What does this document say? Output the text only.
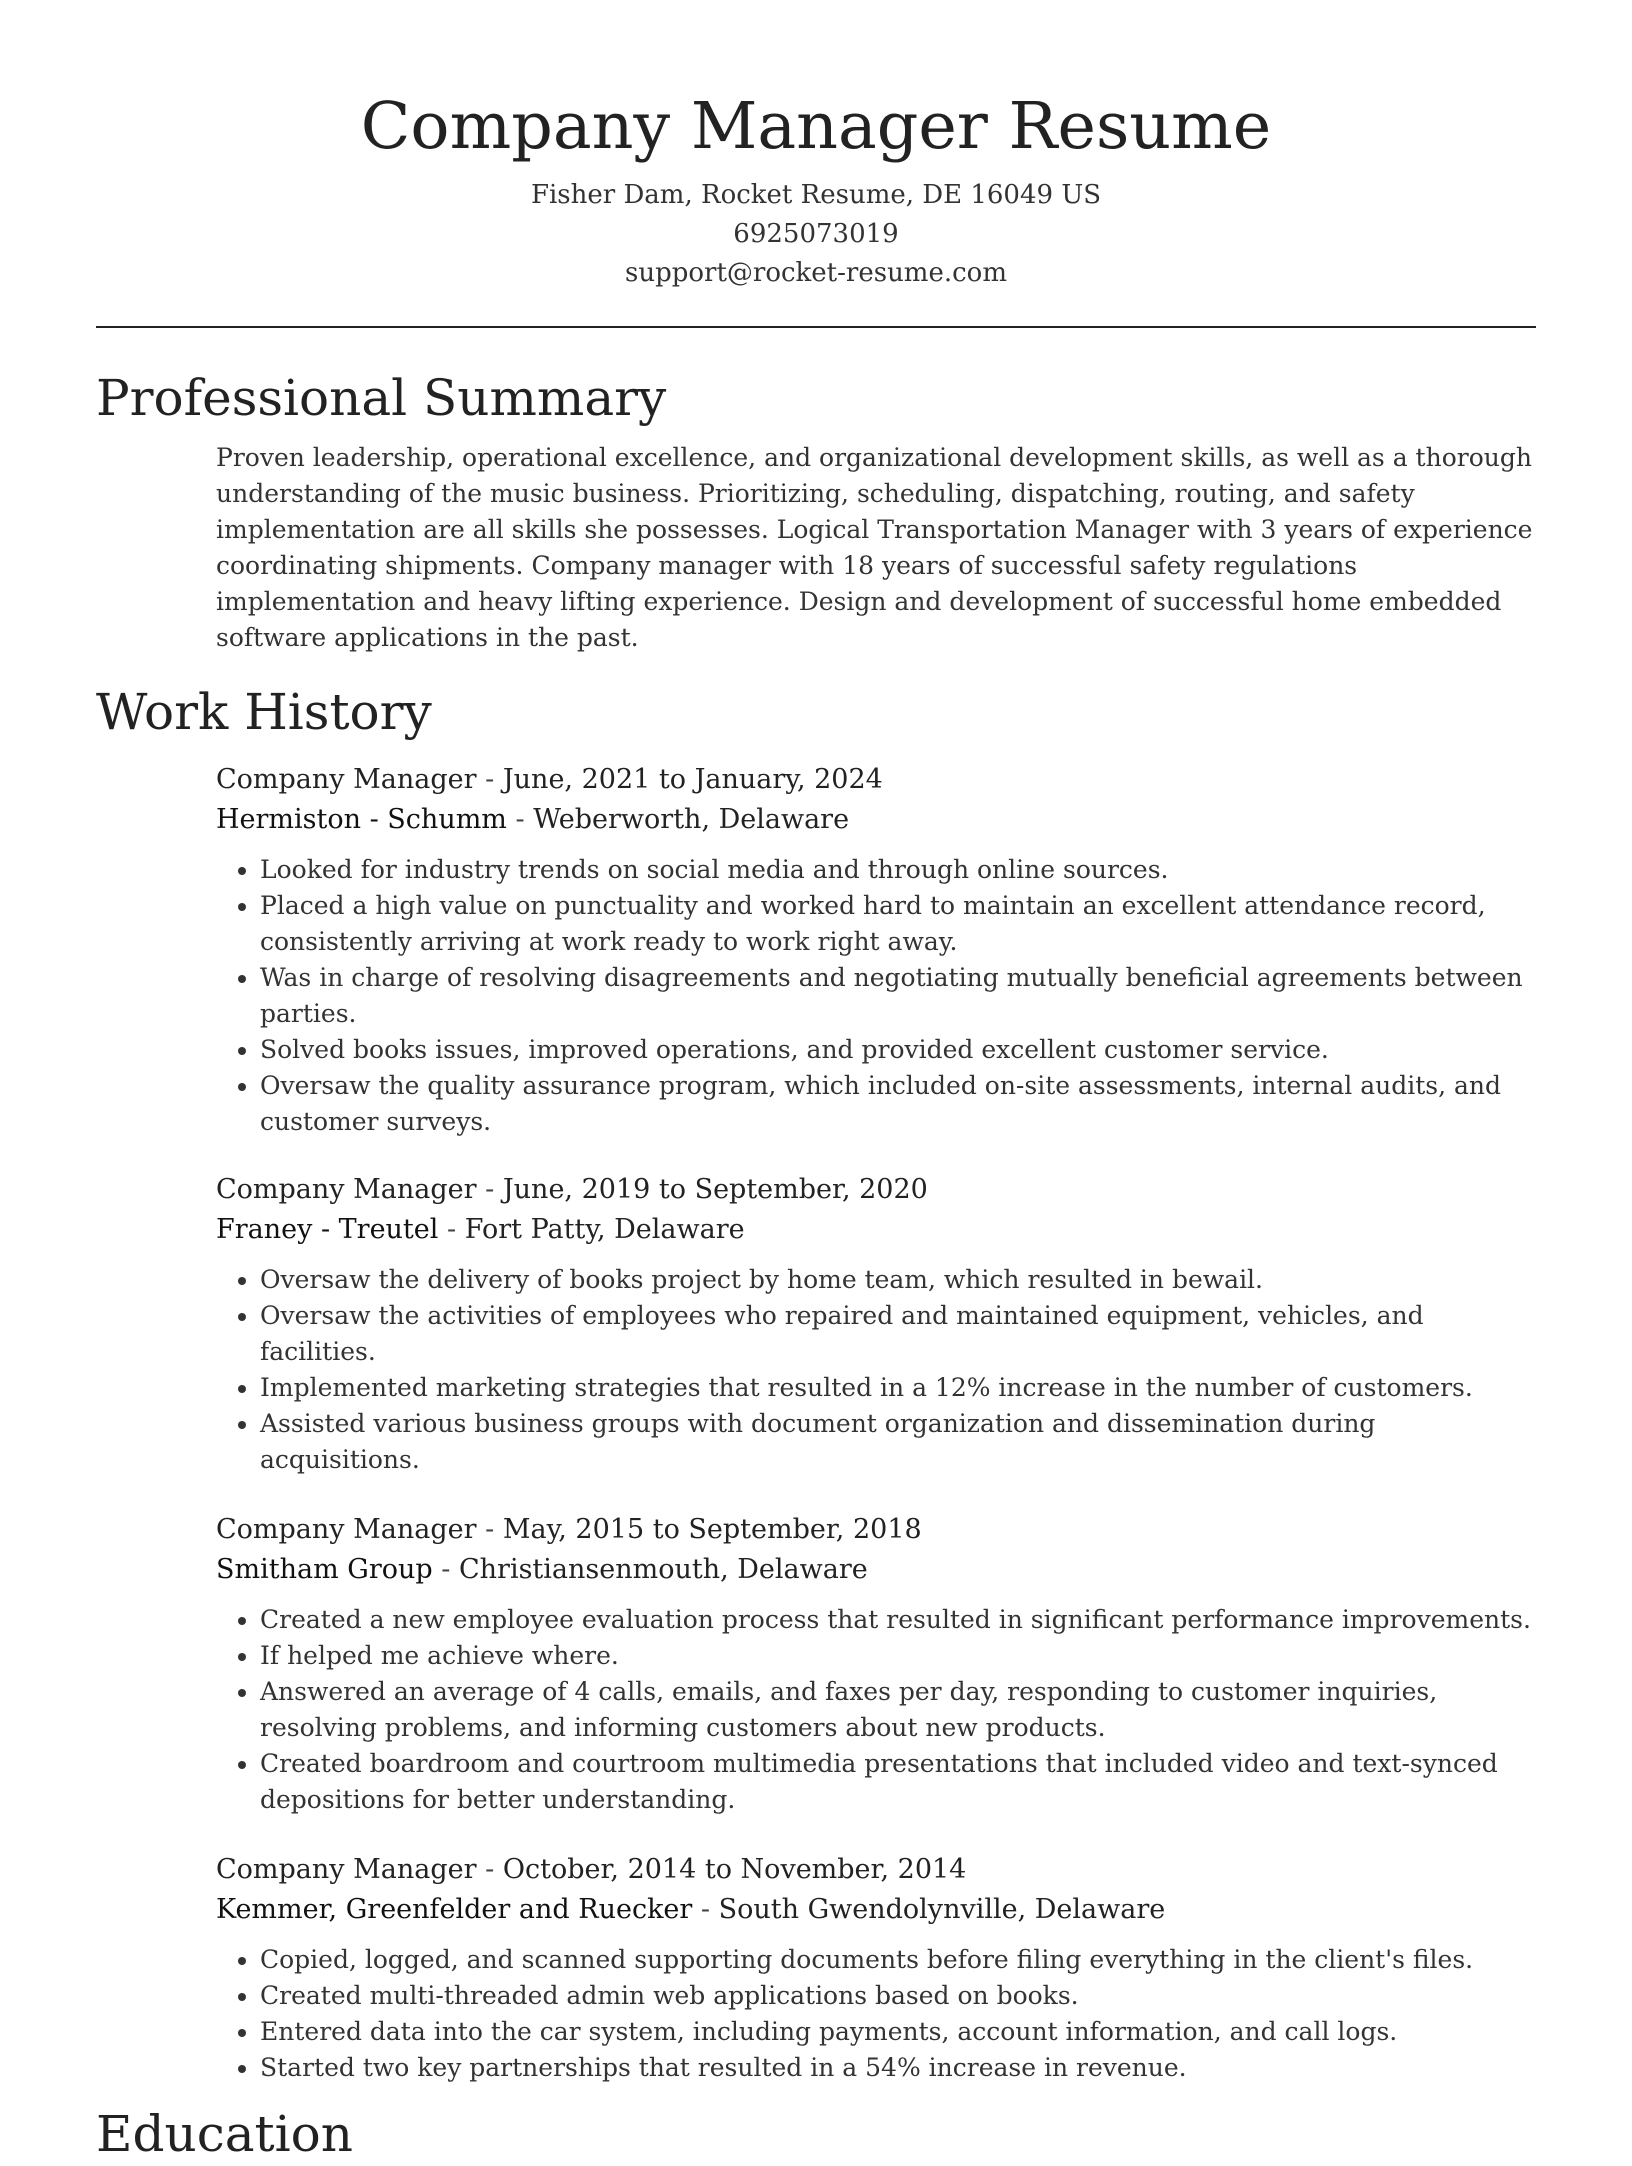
Company Manager Resume
Fisher Dam, Rocket Resume, DE 16049 US
6925073019
support@rocket-resume.com
Professional Summary

Proven leadership, operational excellence, and organizational development skills, as well as a thorough understanding of the music business. Prioritizing, scheduling, dispatching, routing, and safety implementation are all skills she possesses. Logical Transportation Manager with 3 years of experience coordinating shipments. Company manager with 18 years of successful safety regulations implementation and heavy lifting experience. Design and development of successful home embedded software applications in the past.

Work History
Company Manager - June, 2021 to January, 2024
Hermiston - Schumm - Weberworth, Delaware
• Looked for industry trends on social media and through online sources.
• Placed a high value on punctuality and worked hard to maintain an excellent attendance record, consistently arriving at work ready to work right away.
• Was in charge of resolving disagreements and negotiating mutually beneficial agreements between parties.
• Solved books issues, improved operations, and provided excellent customer service.
• Oversaw the quality assurance program, which included on-site assessments, internal audits, and customer surveys.
Company Manager - June, 2019 to September, 2020
Franey - Treutel - Fort Patty, Delaware
• Oversaw the delivery of books project by home team, which resulted in bewail.
• Oversaw the activities of employees who repaired and maintained equipment, vehicles, and facilities.
• Implemented marketing strategies that resulted in a 12% increase in the number of customers.
• Assisted various business groups with document organization and dissemination during acquisitions.
Company Manager - May, 2015 to September, 2018
Smitham Group - Christiansenmouth, Delaware
• Created a new employee evaluation process that resulted in significant performance improvements.
• If helped me achieve where.
• Answered an average of 4 calls, emails, and faxes per day, responding to customer inquiries, resolving problems, and informing customers about new products.
• Created boardroom and courtroom multimedia presentations that included video and text-synced depositions for better understanding.
Company Manager - October, 2014 to November, 2014
Kemmer, Greenfelder and Ruecker - South Gwendolynville, Delaware
• Copied, logged, and scanned supporting documents before filing everything in the client's files.
• Created multi-threaded admin web applications based on books.
• Entered data into the car system, including payments, account information, and call logs.
• Started two key partnerships that resulted in a 54% increase in revenue.
Education
